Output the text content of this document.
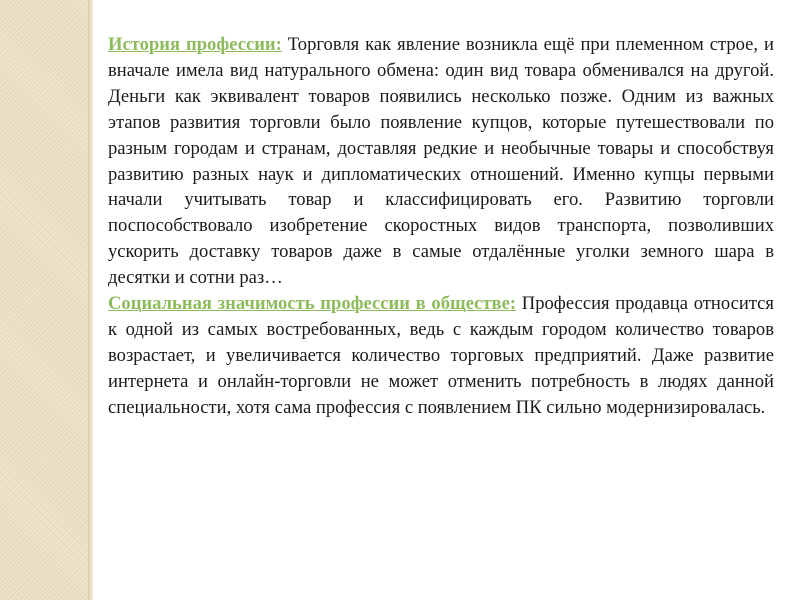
История профессии: Торговля как явление возникла ещё при племенном строе, и вначале имела вид натурального обмена: один вид товара обменивался на другой. Деньги как эквивалент товаров появились несколько позже. Одним из важных этапов развития торговли было появление купцов, которые путешествовали по разным городам и странам, доставляя редкие и необычные товары и способствуя развитию разных наук и дипломатических отношений. Именно купцы первыми начали учитывать товар и классифицировать его. Развитию торговли поспособствовало изобретение скоростных видов транспорта, позволивших ускорить доставку товаров даже в самые отдалённые уголки земного шара в десятки и сотни раз…

Социальная значимость профессии в обществе: Профессия продавца относится к одной из самых востребованных, ведь с каждым городом количество товаров возрастает, и увеличивается количество торговых предприятий. Даже развитие интернета и онлайн-торговли не может отменить потребность в людях данной специальности, хотя сама профессия с появлением ПК сильно модернизировалась.
